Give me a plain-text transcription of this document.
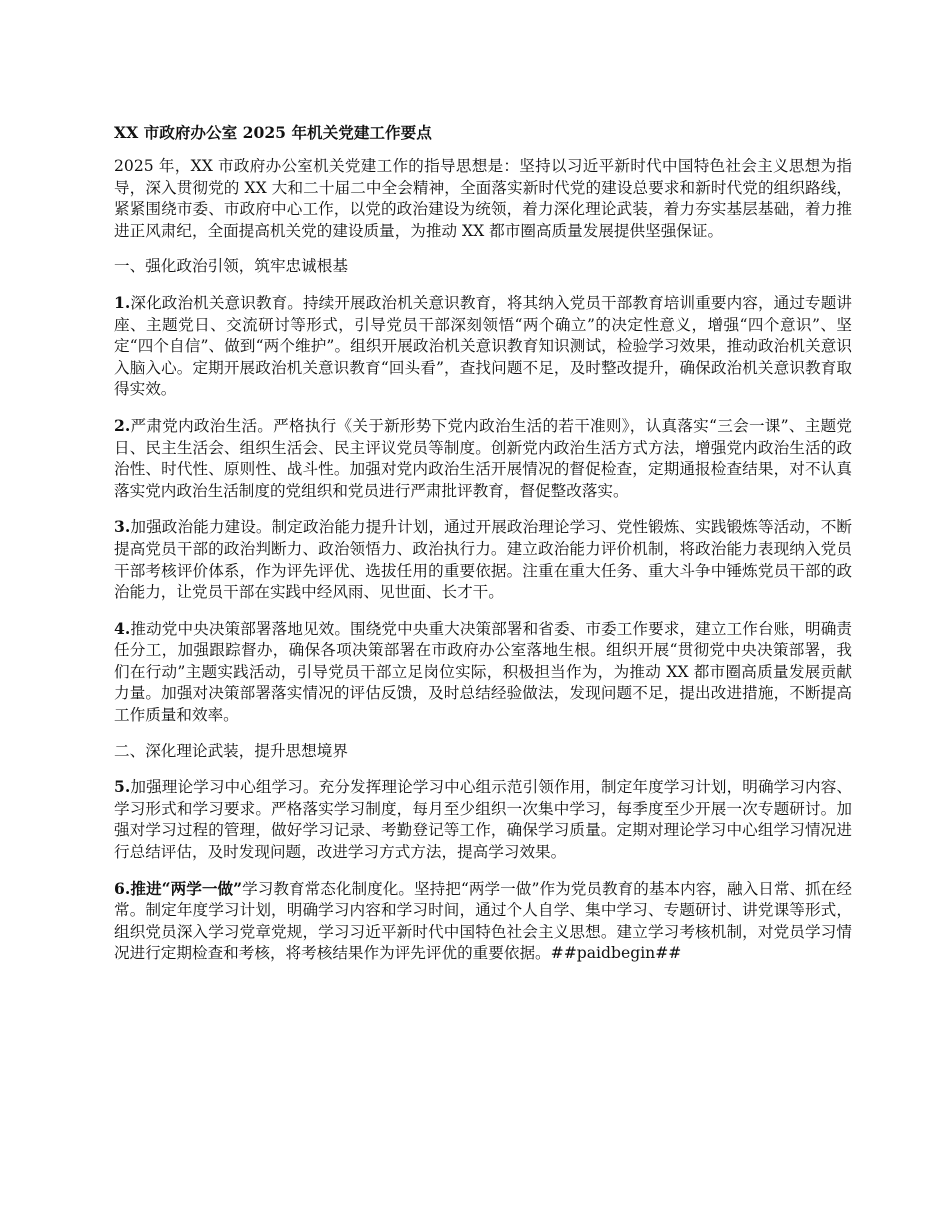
XX 市政府办公室 2025 年机关党建工作要点

2025 年，XX 市政府办公室机关党建工作的指导思想是：坚持以习近平新时代中国特色社会主义思想为指导，深入贯彻党的 XX 大和二十届二中全会精神，全面落实新时代党的建设总要求和新时代党的组织路线，紧紧围绕市委、市政府中心工作，以党的政治建设为统领，着力深化理论武装，着力夯实基层基础，着力推进正风肃纪，全面提高机关党的建设质量，为推动 XX 都市圈高质量发展提供坚强保证。

一、强化政治引领，筑牢忠诚根基

1.深化政治机关意识教育。持续开展政治机关意识教育，将其纳入党员干部教育培训重要内容，通过专题讲座、主题党日、交流研讨等形式，引导党员干部深刻领悟“两个确立”的决定性意义，增强“四个意识”、坚定“四个自信”、做到“两个维护”。组织开展政治机关意识教育知识测试，检验学习效果，推动政治机关意识入脑入心。定期开展政治机关意识教育“回头看”，查找问题不足，及时整改提升，确保政治机关意识教育取得实效。

2.严肃党内政治生活。严格执行《关于新形势下党内政治生活的若干准则》，认真落实“三会一课”、主题党日、民主生活会、组织生活会、民主评议党员等制度。创新党内政治生活方式方法，增强党内政治生活的政治性、时代性、原则性、战斗性。加强对党内政治生活开展情况的督促检查，定期通报检查结果，对不认真落实党内政治生活制度的党组织和党员进行严肃批评教育，督促整改落实。

3.加强政治能力建设。制定政治能力提升计划，通过开展政治理论学习、党性锻炼、实践锻炼等活动，不断提高党员干部的政治判断力、政治领悟力、政治执行力。建立政治能力评价机制，将政治能力表现纳入党员干部考核评价体系，作为评先评优、选拔任用的重要依据。注重在重大任务、重大斗争中锤炼党员干部的政治能力，让党员干部在实践中经风雨、见世面、长才干。

4.推动党中央决策部署落地见效。围绕党中央重大决策部署和省委、市委工作要求，建立工作台账，明确责任分工，加强跟踪督办，确保各项决策部署在市政府办公室落地生根。组织开展“贯彻党中央决策部署，我们在行动”主题实践活动，引导党员干部立足岗位实际，积极担当作为，为推动 XX 都市圈高质量发展贡献力量。加强对决策部署落实情况的评估反馈，及时总结经验做法，发现问题不足，提出改进措施，不断提高工作质量和效率。

二、深化理论武装，提升思想境界

5.加强理论学习中心组学习。充分发挥理论学习中心组示范引领作用，制定年度学习计划，明确学习内容、学习形式和学习要求。严格落实学习制度，每月至少组织一次集中学习，每季度至少开展一次专题研讨。加强对学习过程的管理，做好学习记录、考勤登记等工作，确保学习质量。定期对理论学习中心组学习情况进行总结评估，及时发现问题，改进学习方式方法，提高学习效果。

6.推进“两学一做”学习教育常态化制度化。坚持把“两学一做”作为党员教育的基本内容，融入日常、抓在经常。制定年度学习计划，明确学习内容和学习时间，通过个人自学、集中学习、专题研讨、讲党课等形式，组织党员深入学习党章党规，学习习近平新时代中国特色社会主义思想。建立学习考核机制，对党员学习情况进行定期检查和考核，将考核结果作为评先评优的重要依据。##paidbegin##
